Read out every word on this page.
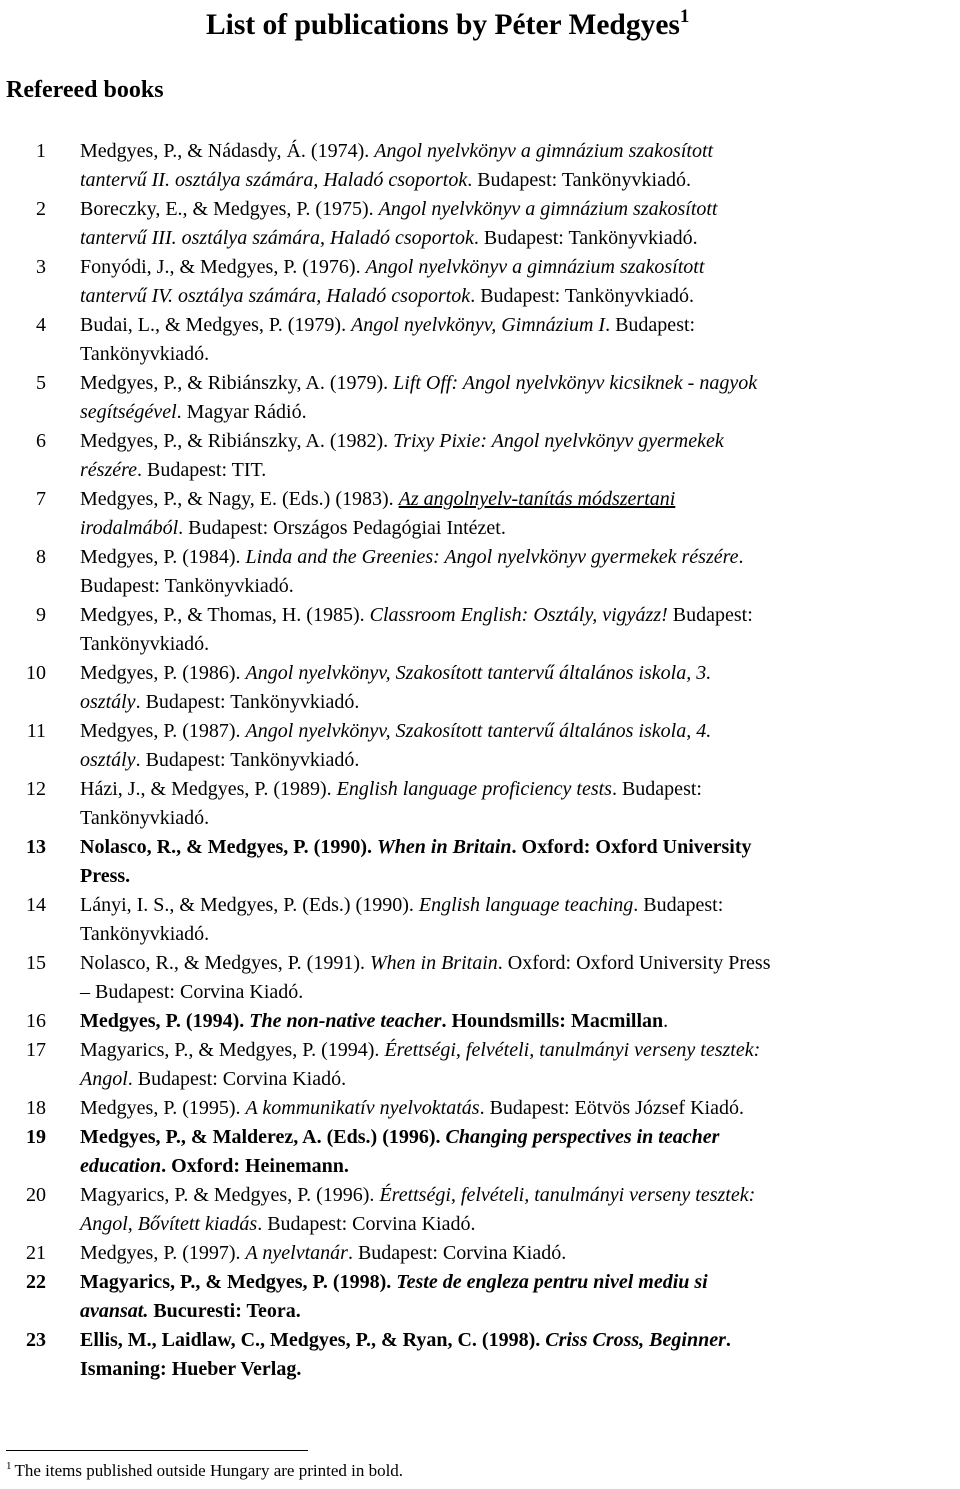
List of publications by Péter Medgyes$^1$
Refereed books
1 Medgyes, P., & Nádasdy, Á. (1974). Angol nyelvkönyv a gimnázium szakosított
tantervű II. osztálya számára, Haladó csoportok. Budapest: Tankönyvkiadó.
2 Boreczky, E., & Medgyes, P. (1975). Angol nyelvkönyv a gimnázium szakosított
tantervű III. osztálya számára, Haladó csoportok. Budapest: Tankönyvkiadó.
3 Fonyódi, J., & Medgyes, P. (1976). Angol nyelvkönyv a gimnázium szakosított
tantervű IV. osztálya számára, Haladó csoportok. Budapest: Tankönyvkiadó.
4 Budai, L., & Medgyes, P. (1979). Angol nyelvkönyv, Gimnázium I. Budapest:
Tankönyvkiadó.
5 Medgyes, P., & Ribiánszky, A. (1979). Lift Off: Angol nyelvkönyv kicsiknek - nagyok
segítségével. Magyar Rádió.
6 Medgyes, P., & Ribiánszky, A. (1982). Trixy Pixie: Angol nyelvkönyv gyermekek
részére. Budapest: TIT.
7 Medgyes, P., & Nagy, E. (Eds.) (1983). Az angolnyelv-tanítás módszertani
irodalmából. Budapest: Országos Pedagógiai Intézet.
8 Medgyes, P. (1984). Linda and the Greenies: Angol nyelvkönyv gyermekek részére.
Budapest: Tankönyvkiadó.
9 Medgyes, P., & Thomas, H. (1985). Classroom English: Osztály, vigyázz! Budapest:
Tankönyvkiadó.
10 Medgyes, P. (1986). Angol nyelvkönyv, Szakosított tantervű általános iskola, 3.
osztály. Budapest: Tankönyvkiadó.
11 Medgyes, P. (1987). Angol nyelvkönyv, Szakosított tantervű általános iskola, 4.
osztály. Budapest: Tankönyvkiadó.
12 Házi, J., & Medgyes, P. (1989). English language proficiency tests. Budapest:
Tankönyvkiadó.
13 Nolasco, R., & Medgyes, P. (1990). When in Britain. Oxford: Oxford University
Press.
14 Lányi, I. S., & Medgyes, P. (Eds.) (1990). English language teaching. Budapest:
Tankönyvkiadó.
15 Nolasco, R., & Medgyes, P. (1991). When in Britain. Oxford: Oxford University Press
– Budapest: Corvina Kiadó.
16 Medgyes, P. (1994). The non-native teacher. Houndsmills: Macmillan.
17 Magyarics, P., & Medgyes, P. (1994). Érettségi, felvételi, tanulmányi verseny tesztek:
Angol. Budapest: Corvina Kiadó.
18 Medgyes, P. (1995). A kommunikatív nyelvoktatás. Budapest: Eötvös József Kiadó.
19 Medgyes, P., & Malderez, A. (Eds.) (1996). Changing perspectives in teacher
education. Oxford: Heinemann.
20 Magyarics, P. & Medgyes, P. (1996). Érettségi, felvételi, tanulmányi verseny tesztek:
Angol, Bővített kiadás. Budapest: Corvina Kiadó.
21 Medgyes, P. (1997). A nyelvtanár. Budapest: Corvina Kiadó.
22 Magyarics, P., & Medgyes, P. (1998). Teste de engleza pentru nivel mediu si
avansat. Bucuresti: Teora.
23 Ellis, M., Laidlaw, C., Medgyes, P., & Ryan, C. (1998). Criss Cross, Beginner.
Ismaning: Hueber Verlag.
$^1$ The items published outside Hungary are printed in bold.
